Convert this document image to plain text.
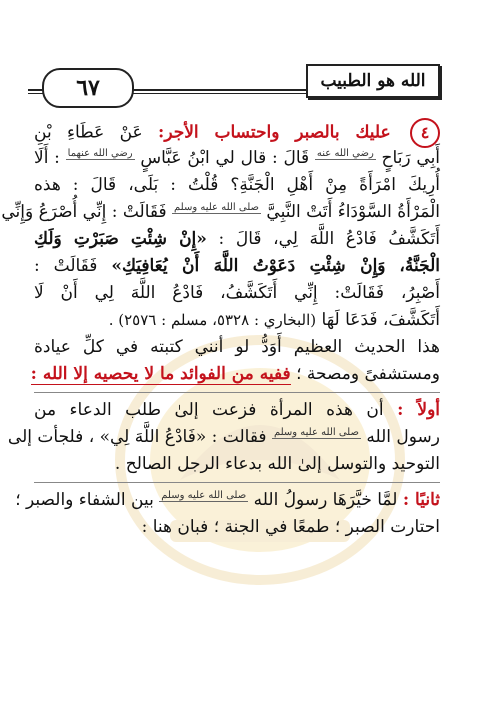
٦٧	الله هو الطبيب
٤ عليك بالصبر واحتساب الأجر: عَنْ عَطَاءِ بْنِ
أَبِي رَبَاحٍ رضي الله عنه قَالَ : قال لي ابْنُ عَبَّاسٍ رضي الله عنهما : أَلَا
أُرِيكَ امْرَأَةً مِنْ أَهْلِ الْجَنَّةِ؟ قُلْتُ : بَلَى، قَالَ : هذه
الْمَرْأَةُ السَّوْدَاءُ أَتَتْ النَّبِيَّ صلى الله عليه وسلم فَقَالَتْ : إِنِّي أُصْرَعُ وَإِنِّي
أَتَكَشَّفُ فَادْعُ اللَّهَ لِي، قَالَ : «إِنْ شِئْتِ صَبَرْتِ وَلَكِ
الْجَنَّةُ، وَإِنْ شِئْتِ دَعَوْتُ اللَّهَ أَنْ يُعَافِيَكِ» فَقَالَتْ :
أَصْبِرُ، فَقَالَتْ: إِنِّي أَتَكَشَّفُ، فَادْعُ اللَّهَ لِي أَنْ لَا
أَتَكَشَّفَ، فَدَعَا لَهَا (البخاري : ٥٣٢٨، مسلم : ٢٥٧٦) .
هذا الحديث العظيم أَوَدُّ لو أنني كتبته في كلِّ عيادة
ومستشفىً ومصحة ؛ ففيه من الفوائد ما لا يحصيه إلا الله :
أولاً : أن هذه المرأة فزعت إلىٰ طلب الدعاء من
رسول الله صلى الله عليه وسلم فقالت : «فَادْعُ اللَّهَ لِي» ، فلجأت إلى
التوحيد والتوسل إلىٰ الله بدعاء الرجل الصالح .
ثانيًا : لمَّا خيَّرَهَا رسولُ الله صلى الله عليه وسلم بين الشفاء والصبر ؛
احتارت الصبر ؛ طمعًا في الجنة ؛ فبان هنا :
